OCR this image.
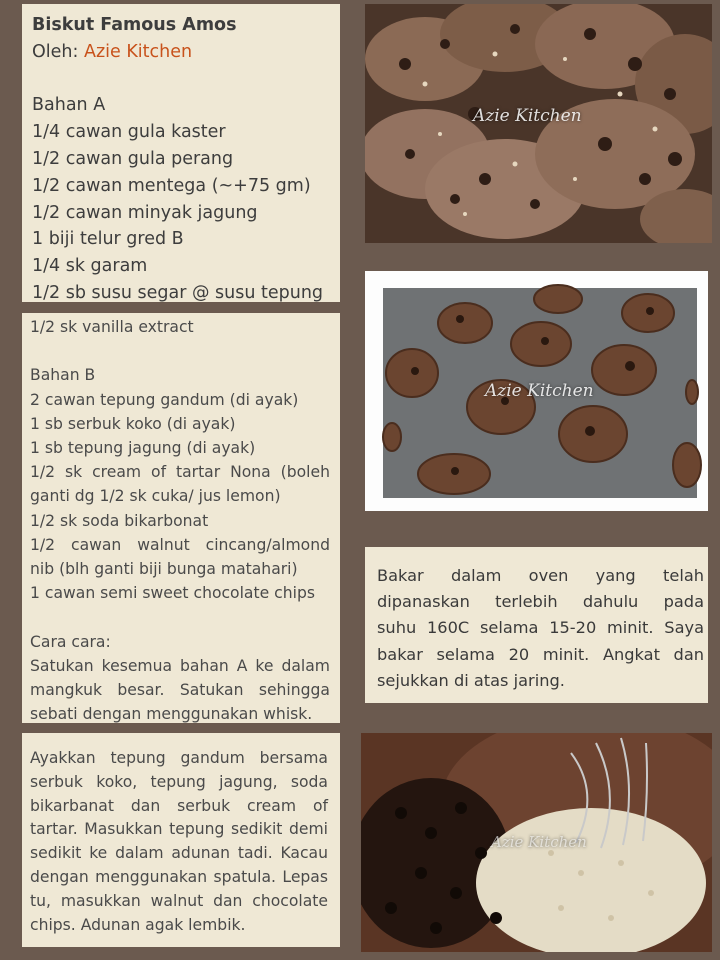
Biskut Famous Amos
Oleh: Azie Kitchen

Bahan A
1/4 cawan gula kaster
1/2 cawan gula perang
1/2 cawan mentega (~+75 gm)
1/2 cawan minyak jagung
1 biji telur gred B
1/4 sk garam
1/2 sb susu segar @ susu tepung
1/2 sk vanilla extract

Bahan B
2 cawan tepung gandum (di ayak)
1 sb serbuk koko (di ayak)
1 sb tepung jagung (di ayak)
1/2 sk cream of tartar Nona (boleh
ganti dg 1/2 sk cuka/ jus lemon)
1/2 sk soda bikarbonat
1/2 cawan walnut cincang/almond
nib (blh ganti biji bunga matahari)
1 cawan semi sweet chocolate chips

Cara cara:
Satukan kesemua bahan A ke dalam
mangkuk besar. Satukan sehingga
sebati dengan menggunakan whisk.
Ayakkan tepung gandum bersama
serbuk koko, tepung jagung, soda
bikarbanat dan serbuk cream of
tartar. Masukkan tepung sedikit demi
sedikit ke dalam adunan tadi. Kacau
dengan menggunakan spatula. Lepas
tu, masukkan walnut dan chocolate
chips. Adunan agak lembik.
Bakar dalam oven yang telah
dipanaskan terlebih dahulu pada
suhu 160C selama 15-20 minit. Saya
bakar selama 20 minit. Angkat dan
sejukkan di atas jaring.
Azie Kitchen
Azie Kitchen
Azie Kitchen
